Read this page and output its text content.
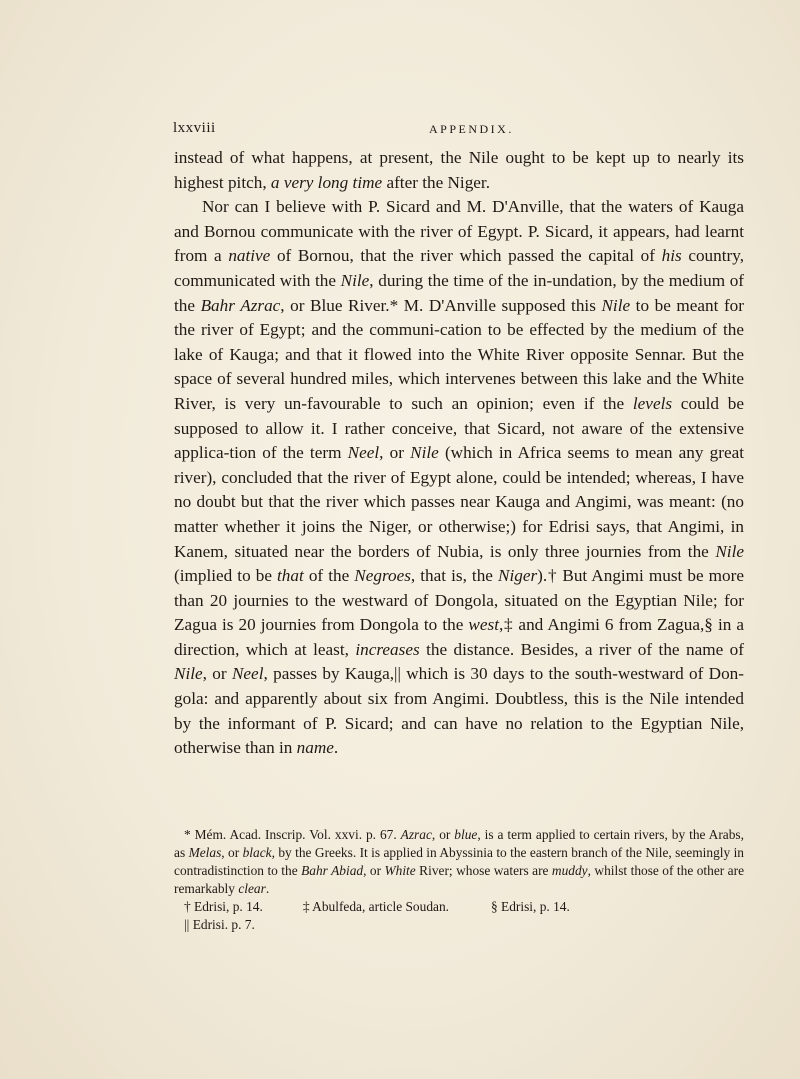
lxxviii	APPENDIX.

instead of what happens, at present, the Nile ought to be kept up to nearly its highest pitch, a very long time after the Niger.

Nor can I believe with P. Sicard and M. D'Anville, that the waters of Kauga and Bornou communicate with the river of Egypt. P. Sicard, it appears, had learnt from a native of Bornou, that the river which passed the capital of his country, communicated with the Nile, during the time of the in-undation, by the medium of the Bahr Azrac, or Blue River.* M. D'Anville supposed this Nile to be meant for the river of Egypt; and the communi-cation to be effected by the medium of the lake of Kauga; and that it flowed into the White River opposite Sennar. But the space of several hundred miles, which intervenes between this lake and the White River, is very un-favourable to such an opinion; even if the levels could be supposed to allow it. I rather conceive, that Sicard, not aware of the extensive applica-tion of the term Neel, or Nile (which in Africa seems to mean any great river), concluded that the river of Egypt alone, could be intended; whereas, I have no doubt but that the river which passes near Kauga and Angimi, was meant: (no matter whether it joins the Niger, or otherwise;) for Edrisi says, that Angimi, in Kanem, situated near the borders of Nubia, is only three journies from the Nile (implied to be that of the Negroes, that is, the Niger).† But Angimi must be more than 20 journies to the westward of Dongola, situated on the Egyptian Nile; for Zagua is 20 journies from Dongola to the west,‡ and Angimi 6 from Zagua,§ in a direction, which at least, increases the distance. Besides, a river of the name of Nile, or Neel, passes by Kauga,|| which is 30 days to the south-westward of Don-gola: and apparently about six from Angimi. Doubtless, this is the Nile intended by the informant of P. Sicard; and can have no relation to the Egyptian Nile, otherwise than in name.

* Mém. Acad. Inscrip. Vol. xxvi. p. 67. Azrac, or blue, is a term applied to certain rivers, by the Arabs, as Melas, or black, by the Greeks. It is applied in Abyssinia to the eastern branch of the Nile, seemingly in contradistinction to the Bahr Abiad, or White River; whose waters are muddy, whilst those of the other are remarkably clear.

† Edrisi, p. 14.	‡ Abulfeda, article Soudan.	§ Edrisi, p. 14.

|| Edrisi. p. 7.
